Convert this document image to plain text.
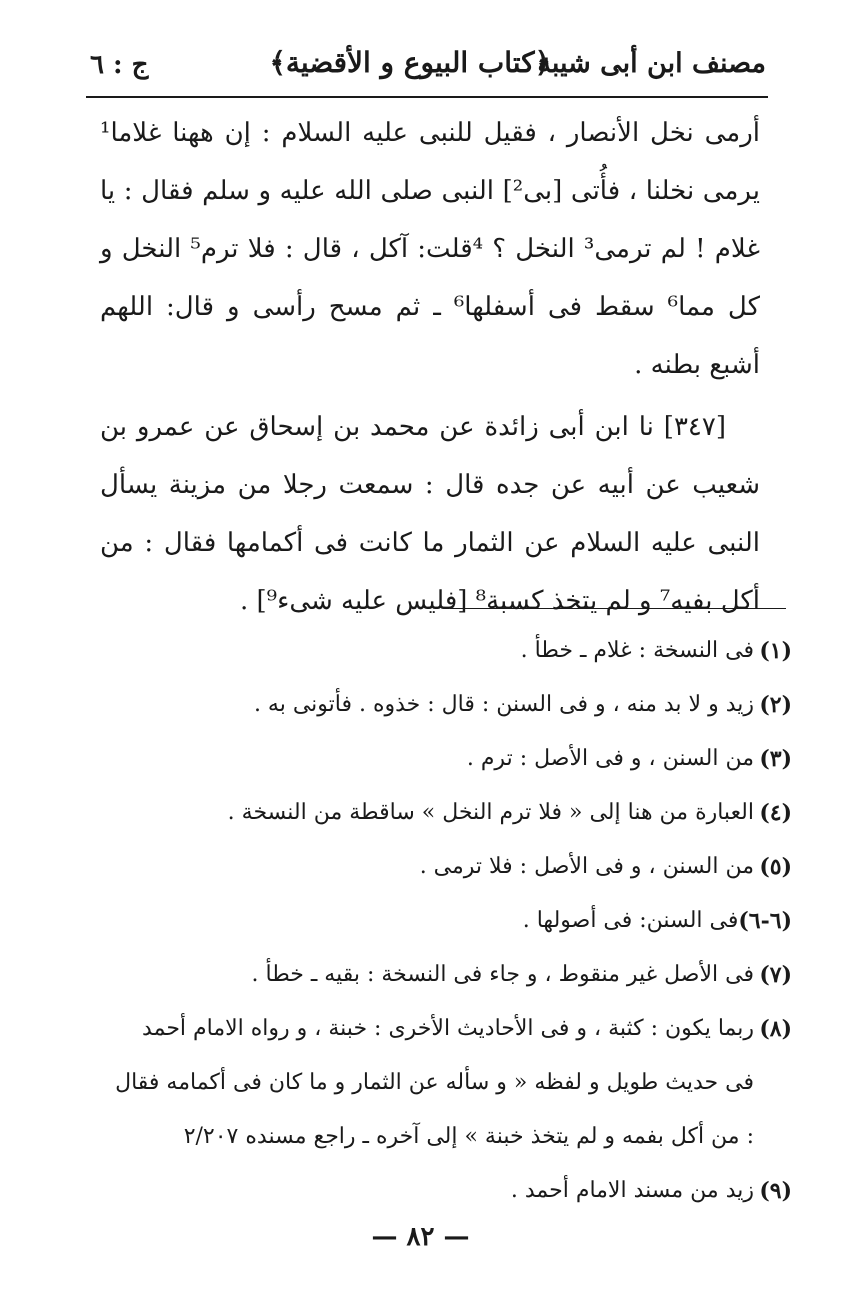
مصنف ابن أبى شيبة
﴿كتاب البيوع و الأقضية﴾
ج : ٦

أرمى نخل الأنصار ، فقيل للنبى عليه السلام : إن ههنا غلاما¹ يرمى نخلنا ، فأُتى [بى²] النبى صلى الله عليه و سلم فقال : يا غلام ! لم ترمى³ النخل ؟ ⁴قلت: آكل ، قال : فلا ترم⁵ النخل و كل مما⁶ سقط فى أسفلها⁶ ـ ثم مسح رأسى و قال: اللهم أشبع بطنه .

[٣٤٧] نا ابن أبى زائدة عن محمد بن إسحاق عن عمرو بن شعيب عن أبيه عن جده قال : سمعت رجلا من مزينة يسأل النبى عليه السلام عن الثمار ما كانت فى أكمامها فقال : من أكل بفيه⁷ و لم يتخذ كسبة⁸ [فليس عليه شىء⁹] .

(١)
فى النسخة : غلام ـ خطأ .
(٢)
زيد و لا بد منه ، و فى السنن : قال : خذوه . فأتونى به .
(٣)
من السنن ، و فى الأصل : ترم .
(٤)
العبارة من هنا إلى « فلا ترم النخل » ساقطة من النسخة .
(٥)
من السنن ، و فى الأصل : فلا ترمى .
(٦-٦)
فى السنن: فى أصولها .
(٧)
فى الأصل غير منقوط ، و جاء فى النسخة : بقيه ـ خطأ .
(٨)
ربما يكون : كثبة ، و فى الأحاديث الأخرى : خبنة ، و رواه الامام أحمد فى حديث طويل و لفظه « و سأله عن الثمار و ما كان فى أكمامه فقال : من أكل بفمه و لم يتخذ خبنة » إلى آخره ـ راجع مسنده ٢/٢٠٧
(٩)
زيد من مسند الامام أحمد .
— ٨٢ —
